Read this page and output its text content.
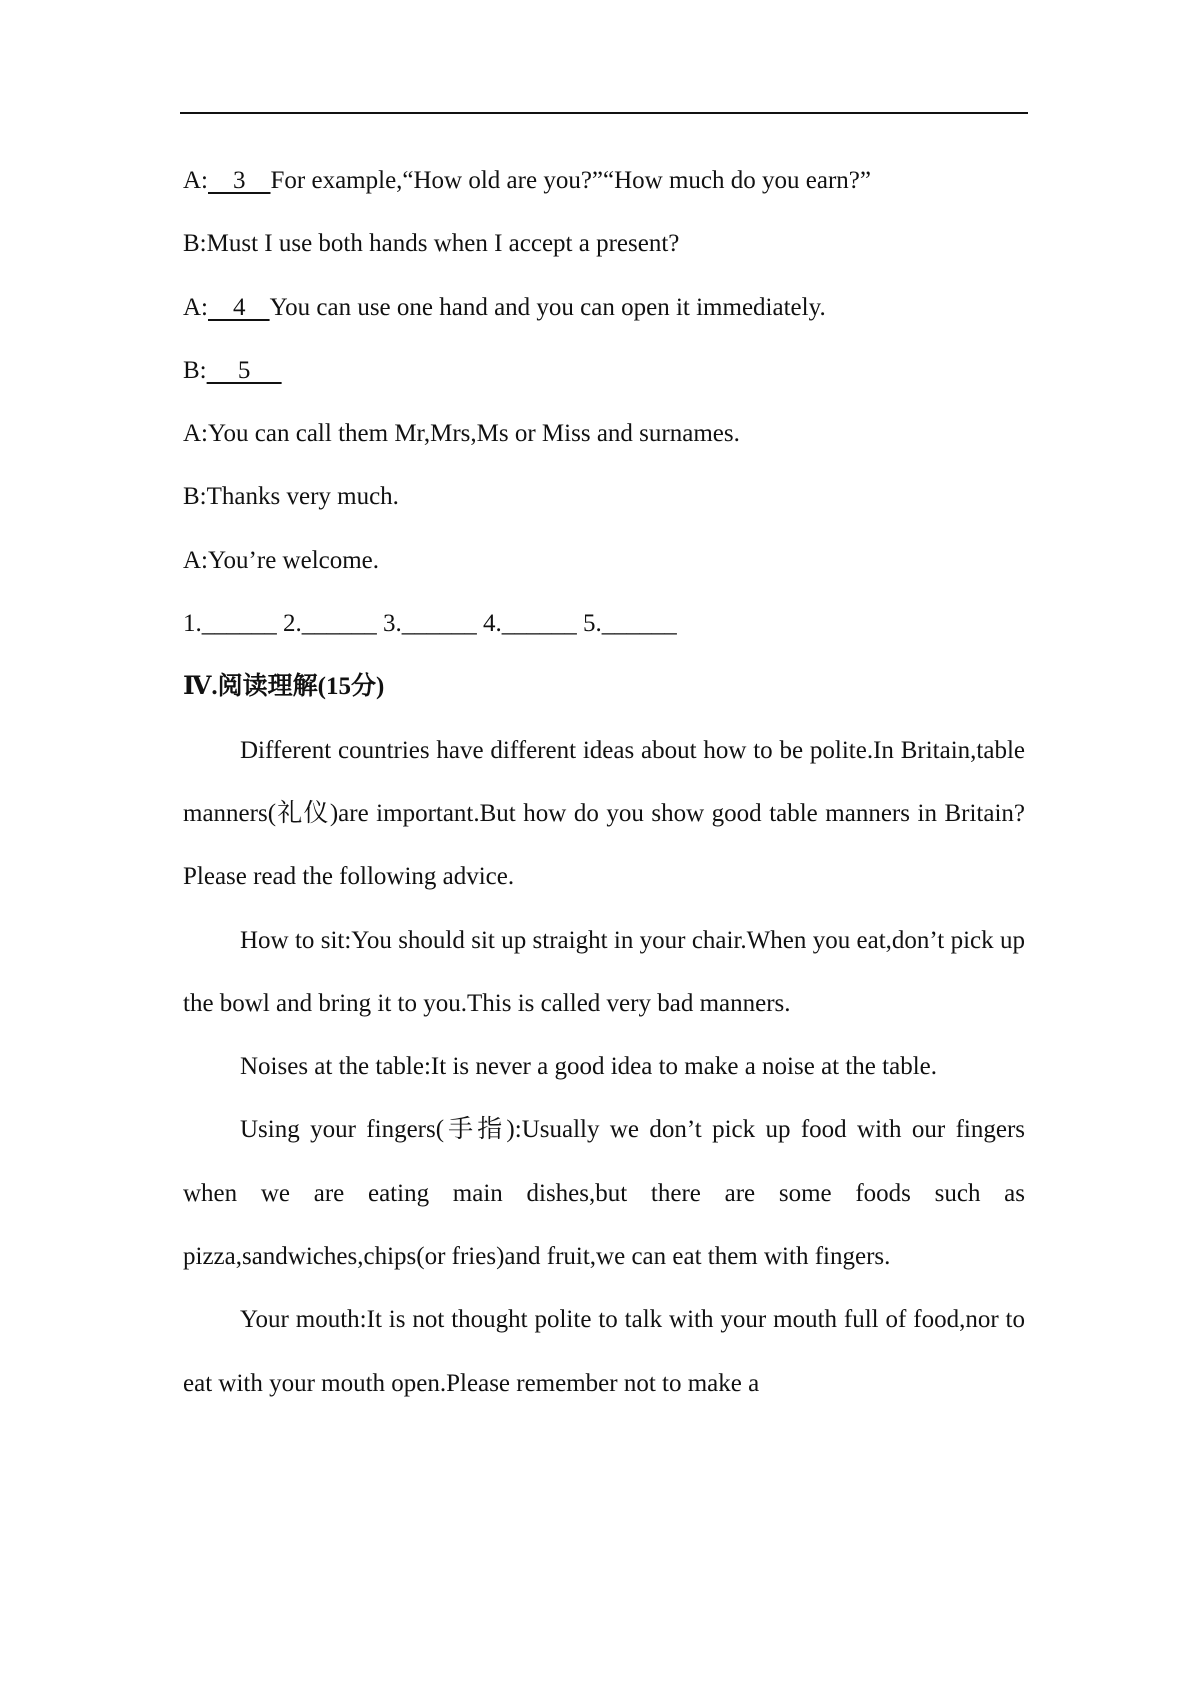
A:    3    For example,“How old are you?”“How much do you earn?”
B:Must I use both hands when I accept a present?
A:    4    You can use one hand and you can open it immediately.
B:     5
A:You can call them Mr,Mrs,Ms or Miss and surnames.
B:Thanks very much.
A:You’re welcome.
1.______ 2.______ 3.______ 4.______ 5.______
Ⅳ.阅读理解(15分)

Different countries have different ideas about how to be polite.In Britain,table manners(礼仪)are important.But how do you show good table manners in Britain?Please read the following advice.

How to sit:You should sit up straight in your chair.When you eat,don’t pick up the bowl and bring it to you.This is called very bad manners.

Noises at the table:It is never a good idea to make a noise at the table.

Using your fingers(手指):Usually we don’t pick up food with our fingers when we are eating main dishes,but there are some foods such as pizza,sandwiches,chips(or fries)and fruit,we can eat them with fingers.

Your mouth:It is not thought polite to talk with your mouth full of food,nor to eat with your mouth open.Please remember not to make a
